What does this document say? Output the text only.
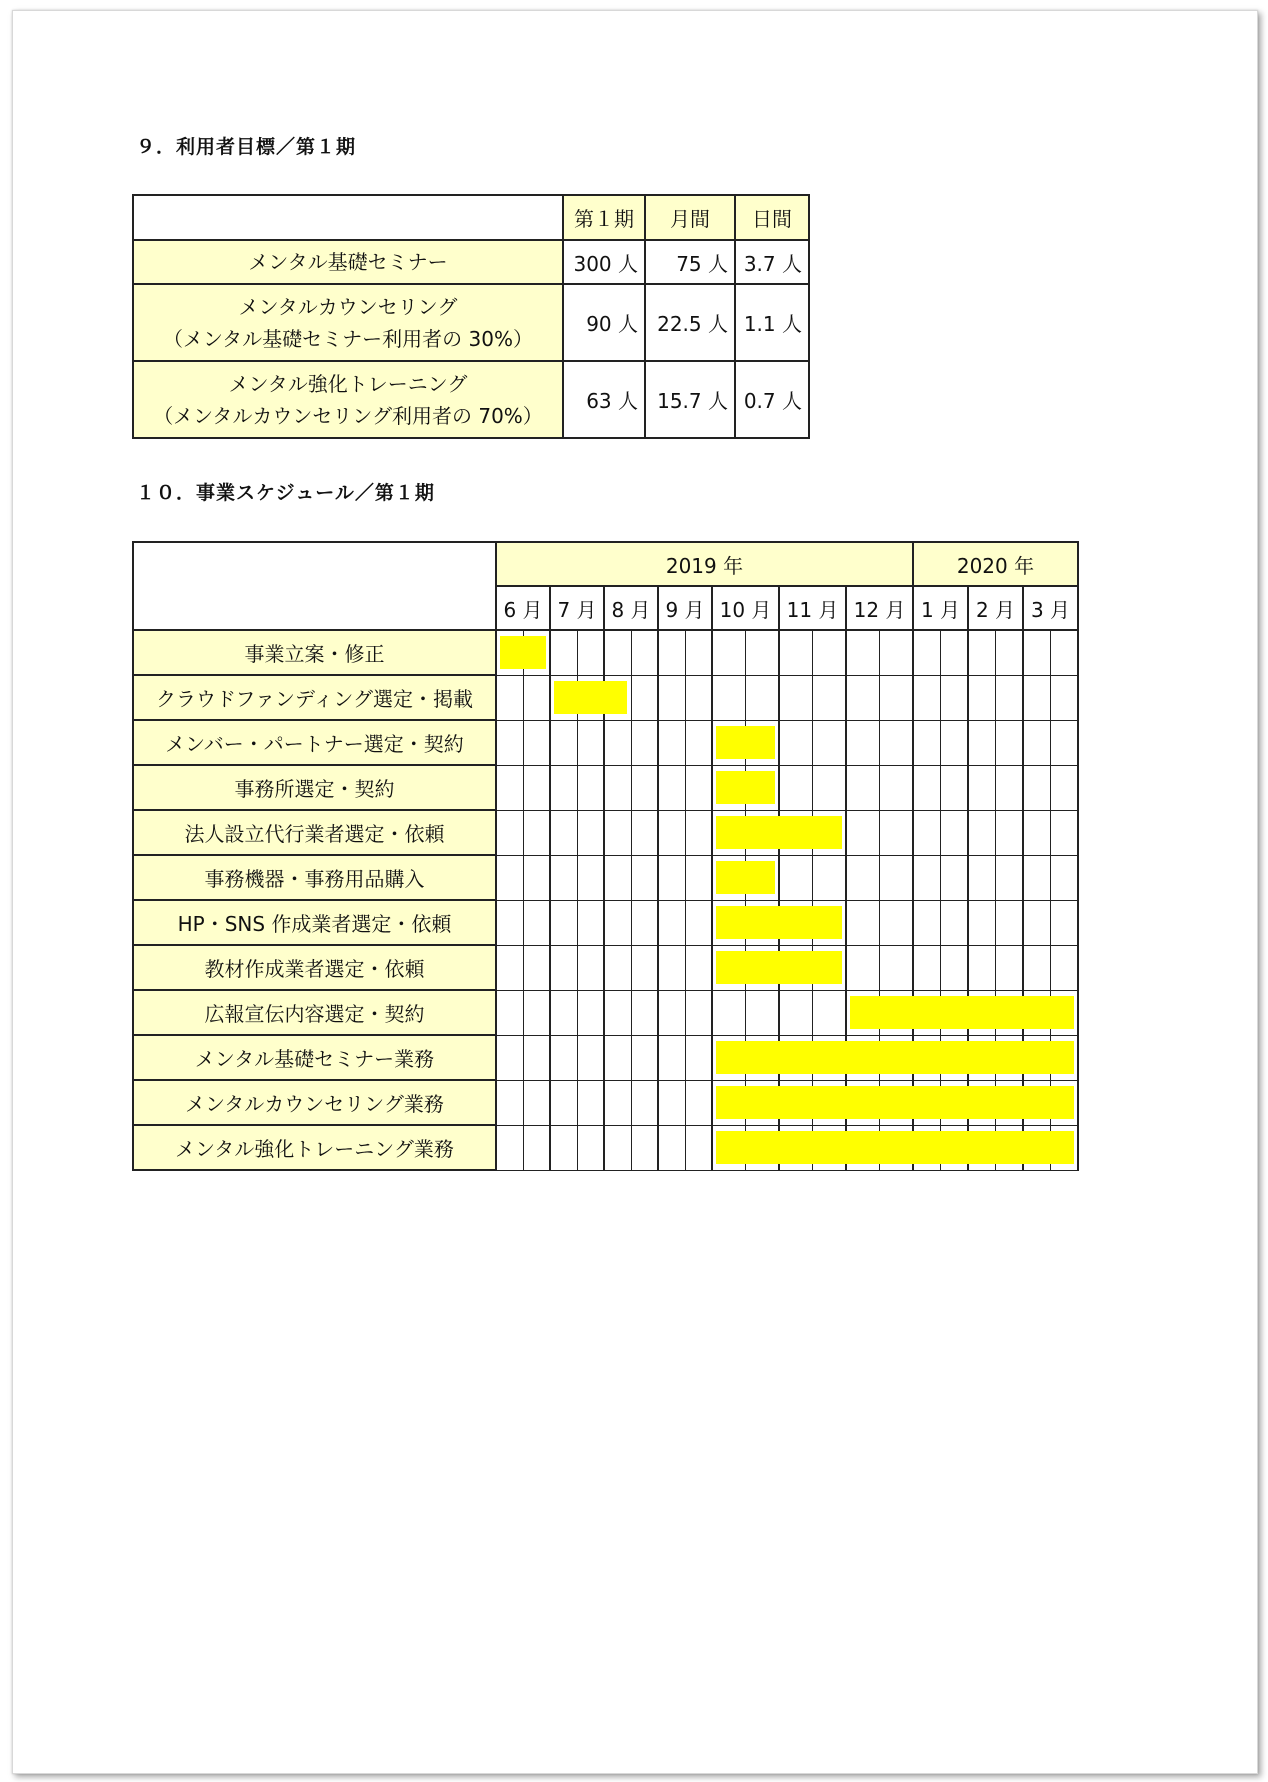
９．利用者目標／第１期
	第１期	月間	日間
メンタル基礎セミナー	300 人	75 人	3.7 人

メンタルカウンセリング
（メンタル基礎セミナー利用者の 30%）	90 人	22.5 人	1.1 人

メンタル強化トレーニング
（メンタルカウンセリング利用者の 70%）	63 人	15.7 人	0.7 人
１０．事業スケジュール／第１期
	2019 年														2020 年					
	6 月		7 月		8 月		9 月		10 月		11 月		12 月		1 月		2 月		3 月	
事業立案・修正																				
クラウドファンディング選定・掲載																				
メンバー・パートナー選定・契約																				
事務所選定・契約																				
法人設立代行業者選定・依頼																				
事務機器・事務用品購入																				
HP・SNS 作成業者選定・依頼																				
教材作成業者選定・依頼																				
広報宣伝内容選定・契約																				
メンタル基礎セミナー業務																				
メンタルカウンセリング業務																				
メンタル強化トレーニング業務																				
